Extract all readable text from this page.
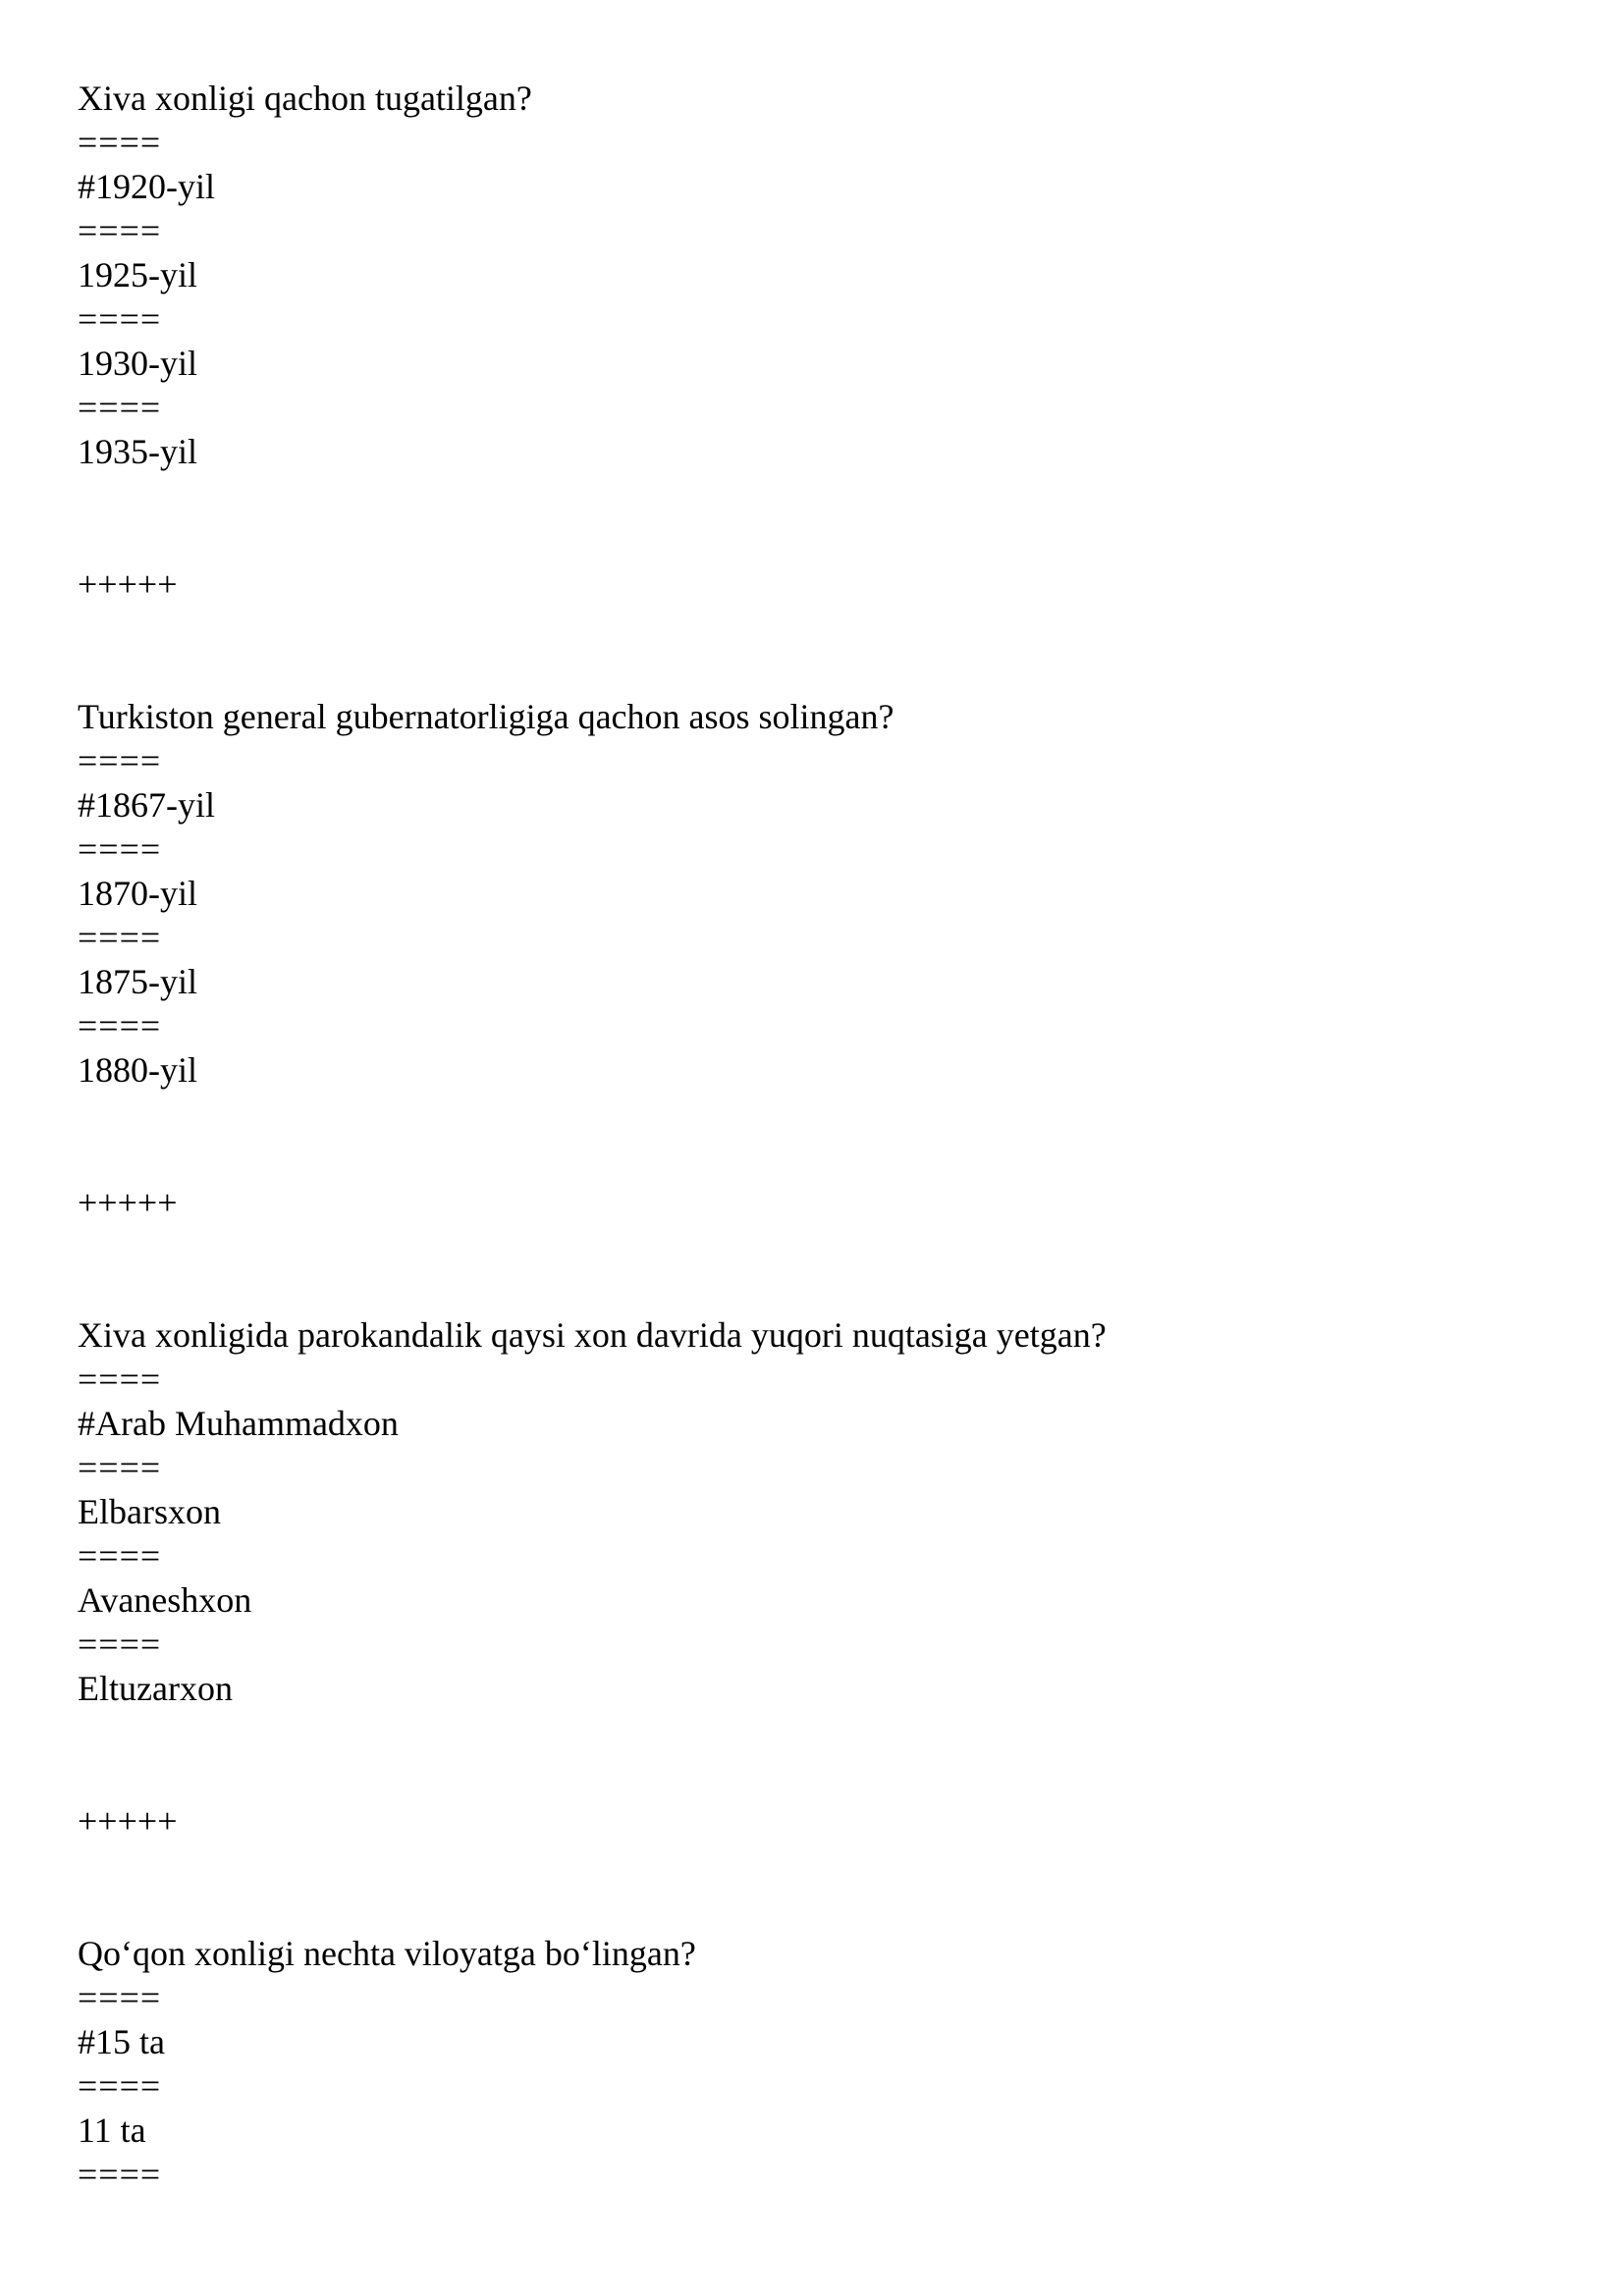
Xiva xonligi qachon tugatilgan?
====
#1920-yil
====
1925-yil
====
1930-yil
====
1935-yil
+++++
Turkiston general gubernatorligiga qachon asos solingan?
====
#1867-yil
====
1870-yil
====
1875-yil
====
1880-yil
+++++
Xiva xonligida parokandalik qaysi xon davrida yuqori nuqtasiga yetgan?
====
#Arab Muhammadxon
====
Elbarsxon
====
Avaneshxon
====
Eltuzarxon
+++++
Qo‘qon xonligi nechta viloyatga bo‘lingan?
====
#15 ta
====
11 ta
====
